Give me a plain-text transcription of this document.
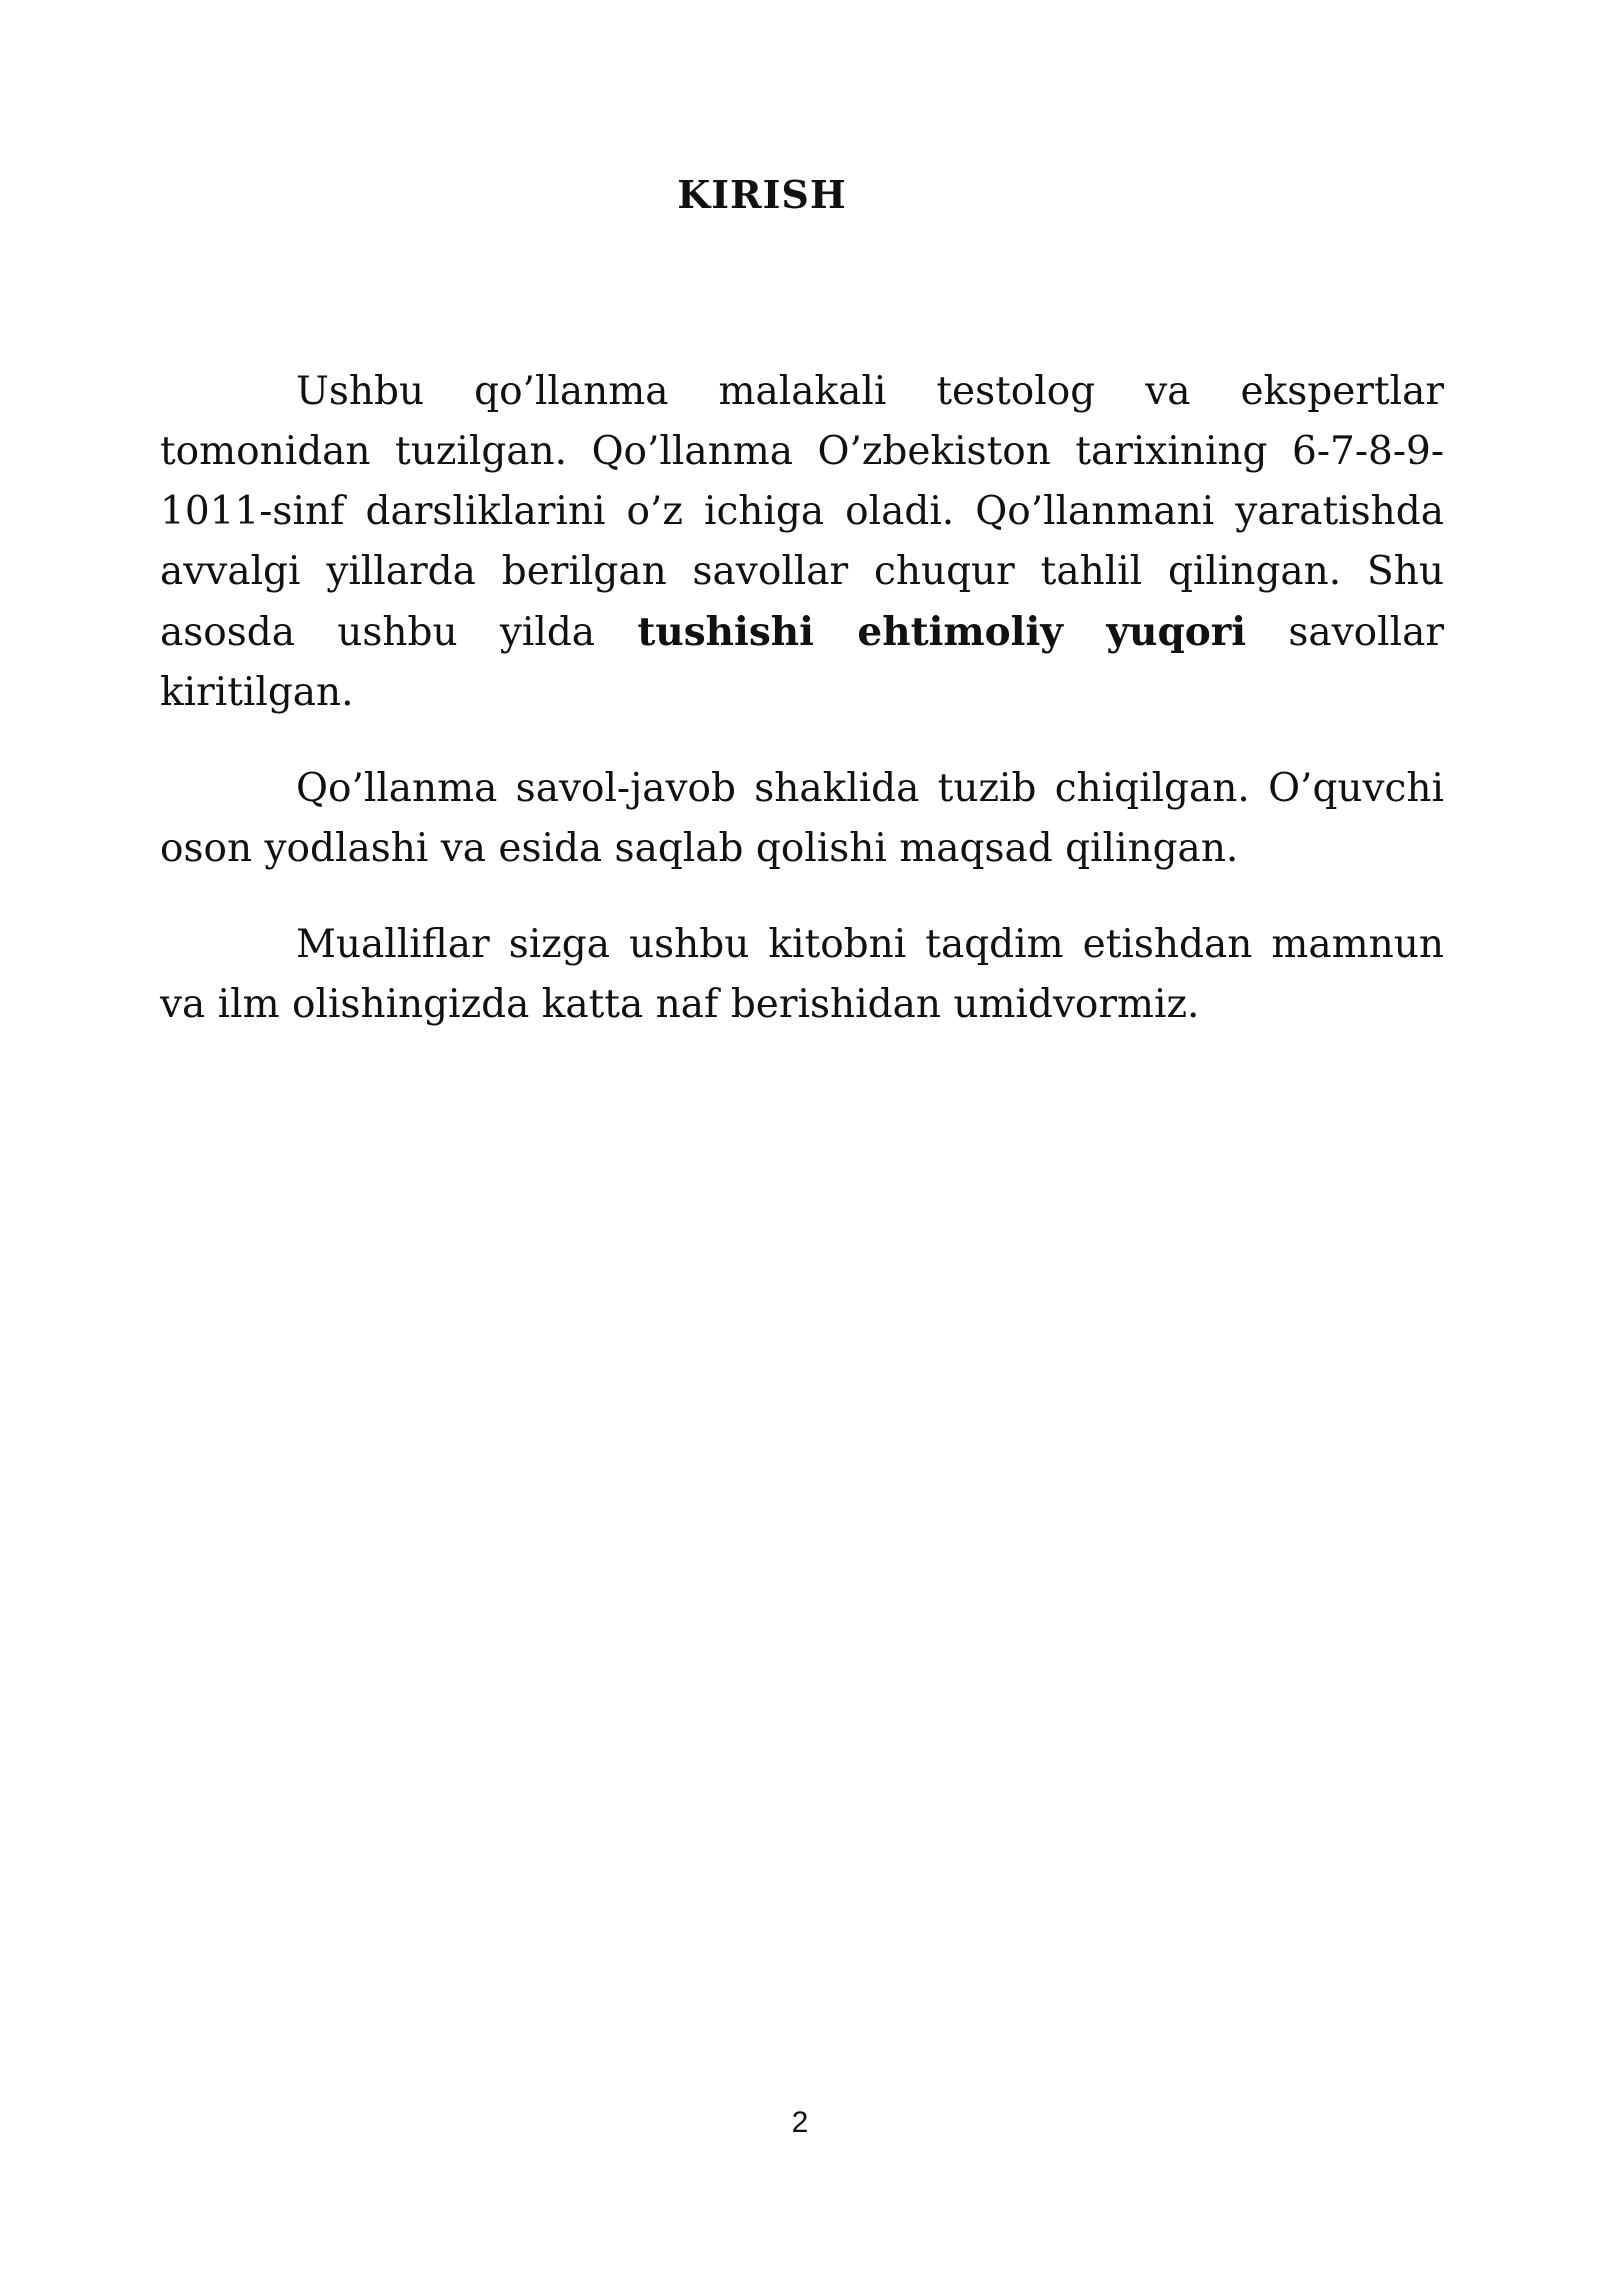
KIRISH

Ushbu qo’llanma malakali testolog va ekspertlar tomonidan tuzilgan. Qo’llanma O’zbekiston tarixining 6-7-8-9-1011-sinf darsliklarini o’z ichiga oladi. Qo’llanmani yaratishda avvalgi yillarda berilgan savollar chuqur tahlil qilingan. Shu asosda ushbu yilda tushishi ehtimoliy yuqori savollar kiritilgan.

Qo’llanma savol-javob shaklida tuzib chiqilgan. O’quvchi oson yodlashi va esida saqlab qolishi maqsad qilingan.

Mualliflar sizga ushbu kitobni taqdim etishdan mamnun va ilm olishingizda katta naf berishidan umidvormiz.

2
